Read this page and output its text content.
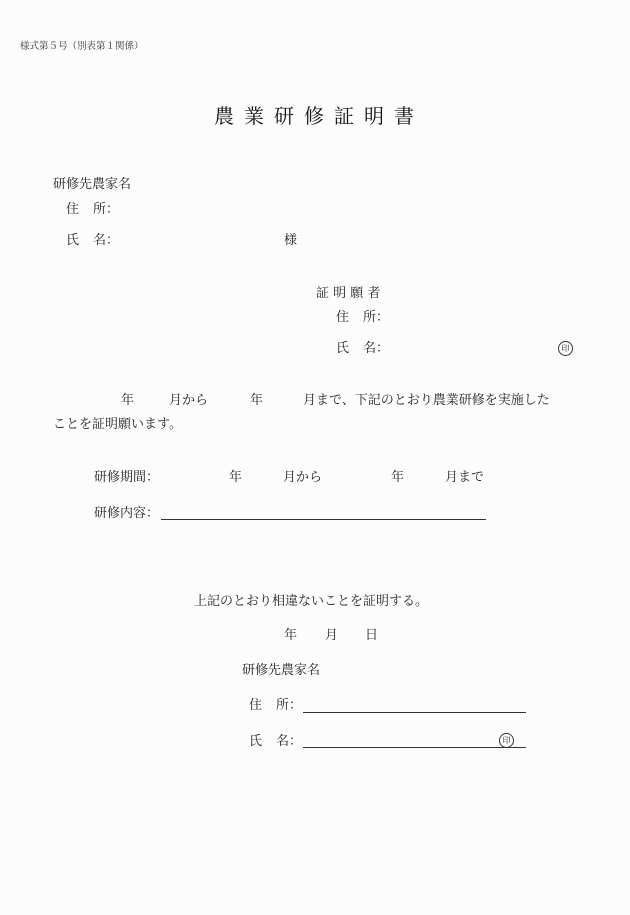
様式第５号（別表第１関係）
農業研修証明書
研修先農家名
住 所：
氏 名：	様
証 明 願 者
住 所：
氏 名：	印
年	月から	年	月まで、下記のとおり農業研修を実施した
ことを証明願います。
研修期間：	年	月から	年	月まで
研修内容：
上記のとおり相違ないことを証明する。
年 月 日
研修先農家名
住 所：
氏 名：	印
